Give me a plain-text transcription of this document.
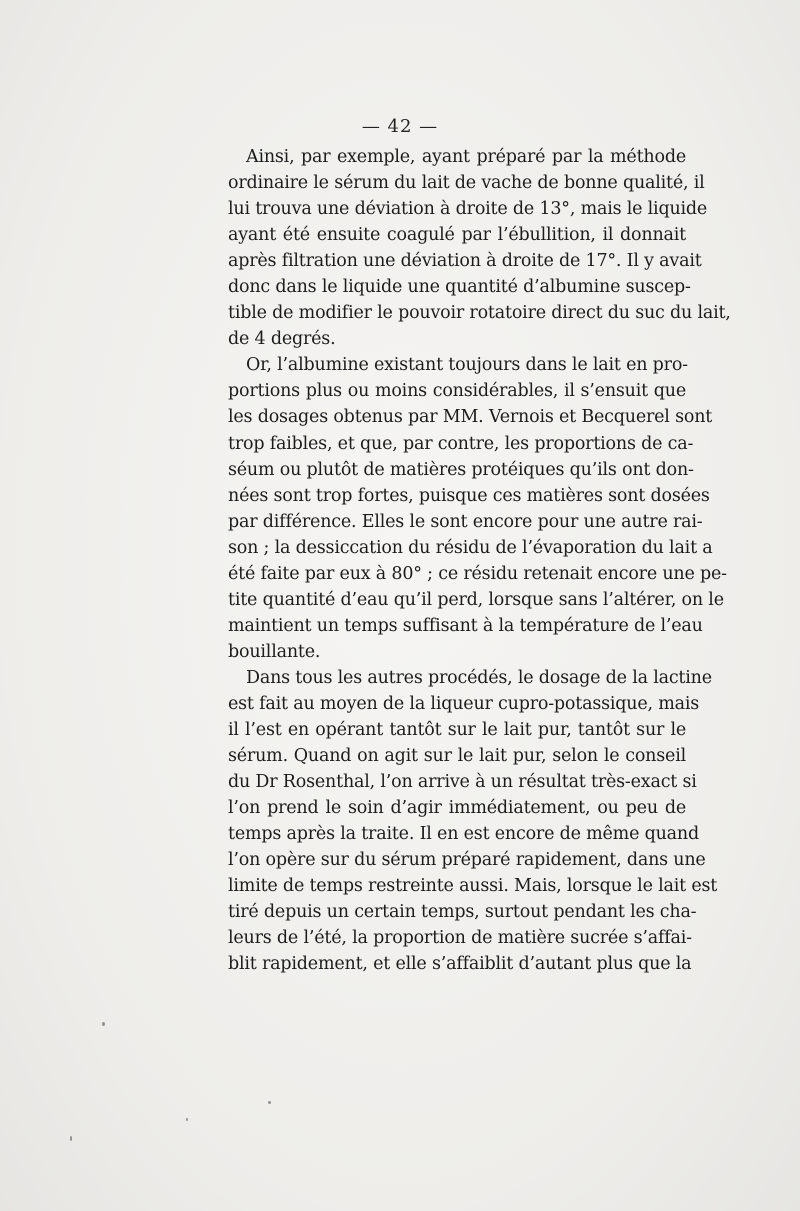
— 42 —
Ainsi, par exemple, ayant préparé par la méthode
ordinaire le sérum du lait de vache de bonne qualité, il
lui trouva une déviation à droite de 13°, mais le liquide
ayant été ensuite coagulé par l’ébullition, il donnait
après filtration une déviation à droite de 17°. Il y avait
donc dans le liquide une quantité d’albumine suscep-
tible de modifier le pouvoir rotatoire direct du suc du lait,
de 4 degrés.
Or, l’albumine existant toujours dans le lait en pro-
portions plus ou moins considérables, il s’ensuit que
les dosages obtenus par MM. Vernois et Becquerel sont
trop faibles, et que, par contre, les proportions de ca-
séum ou plutôt de matières protéiques qu’ils ont don-
nées sont trop fortes, puisque ces matières sont dosées
par différence. Elles le sont encore pour une autre rai-
son ; la dessiccation du résidu de l’évaporation du lait a
été faite par eux à 80° ; ce résidu retenait encore une pe-
tite quantité d’eau qu’il perd, lorsque sans l’altérer, on le
maintient un temps suffisant à la température de l’eau
bouillante.
Dans tous les autres procédés, le dosage de la lactine
est fait au moyen de la liqueur cupro-potassique, mais
il l’est en opérant tantôt sur le lait pur, tantôt sur le
sérum. Quand on agit sur le lait pur, selon le conseil
du Dr Rosenthal, l’on arrive à un résultat très-exact si
l’on prend le soin d’agir immédiatement, ou peu de
temps après la traite. Il en est encore de même quand
l’on opère sur du sérum préparé rapidement, dans une
limite de temps restreinte aussi. Mais, lorsque le lait est
tiré depuis un certain temps, surtout pendant les cha-
leurs de l’été, la proportion de matière sucrée s’affai-
blit rapidement, et elle s’affaiblit d’autant plus que la
